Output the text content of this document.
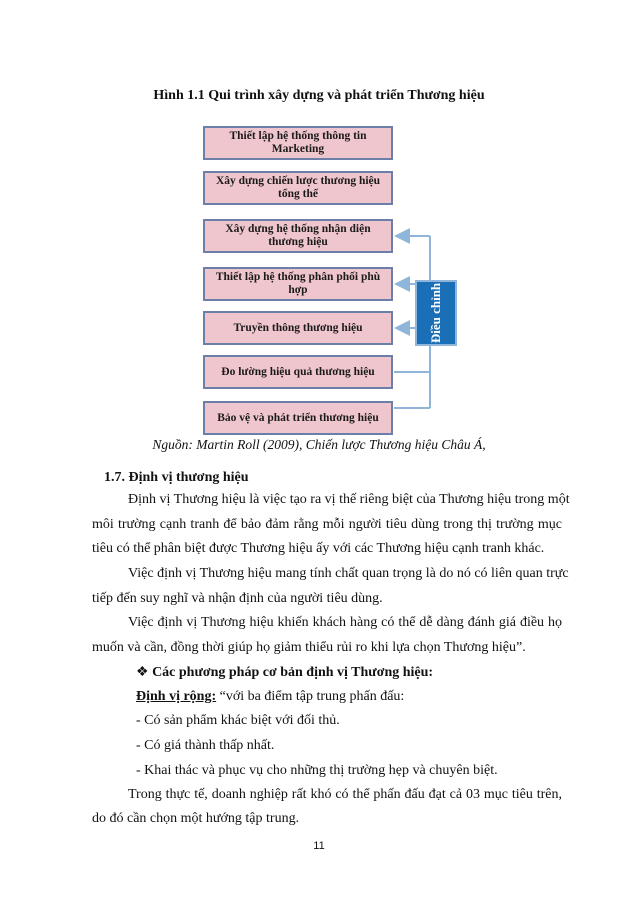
Hình 1.1 Qui trình xây dựng và phát triển Thương hiệu
Thiết lập hệ thống thông tin Marketing
Xây dựng chiến lược thương hiệu tổng thể
Xây dựng hệ thống nhận diện thương hiệu
Thiết lập hệ thống phân phối phù hợp
Truyền thông thương hiệu
Đo lường hiệu quả thương hiệu
Bảo vệ và phát triển thương hiệu
Điều chỉnh
Nguồn: Martin Roll (2009), Chiến lược Thương hiệu Châu Á,
1.7. Định vị thương hiệu
Định vị Thương hiệu là việc tạo ra vị thế riêng biệt của Thương hiệu trong một
môi trường cạnh tranh để bảo đảm rằng mỗi người tiêu dùng trong thị trường mục
tiêu có thể phân biệt được Thương hiệu ấy với các Thương hiệu cạnh tranh khác.
Việc định vị Thương hiệu mang tính chất quan trọng là do nó có liên quan trực
tiếp đến suy nghĩ và nhận định của người tiêu dùng.
Việc định vị Thương hiệu khiến khách hàng có thể dễ dàng đánh giá điều họ
muốn và cần, đồng thời giúp họ giảm thiểu rủi ro khi lựa chọn Thương hiệu”.
❖ Các phương pháp cơ bản định vị Thương hiệu:
Định vị rộng: “với ba điểm tập trung phấn đấu:
- Có sản phẩm khác biệt với đối thủ.
- Có giá thành thấp nhất.
- Khai thác và phục vụ cho những thị trường hẹp và chuyên biệt.
Trong thực tế, doanh nghiệp rất khó có thể phấn đấu đạt cả 03 mục tiêu trên,
do đó cần chọn một hướng tập trung.
11
